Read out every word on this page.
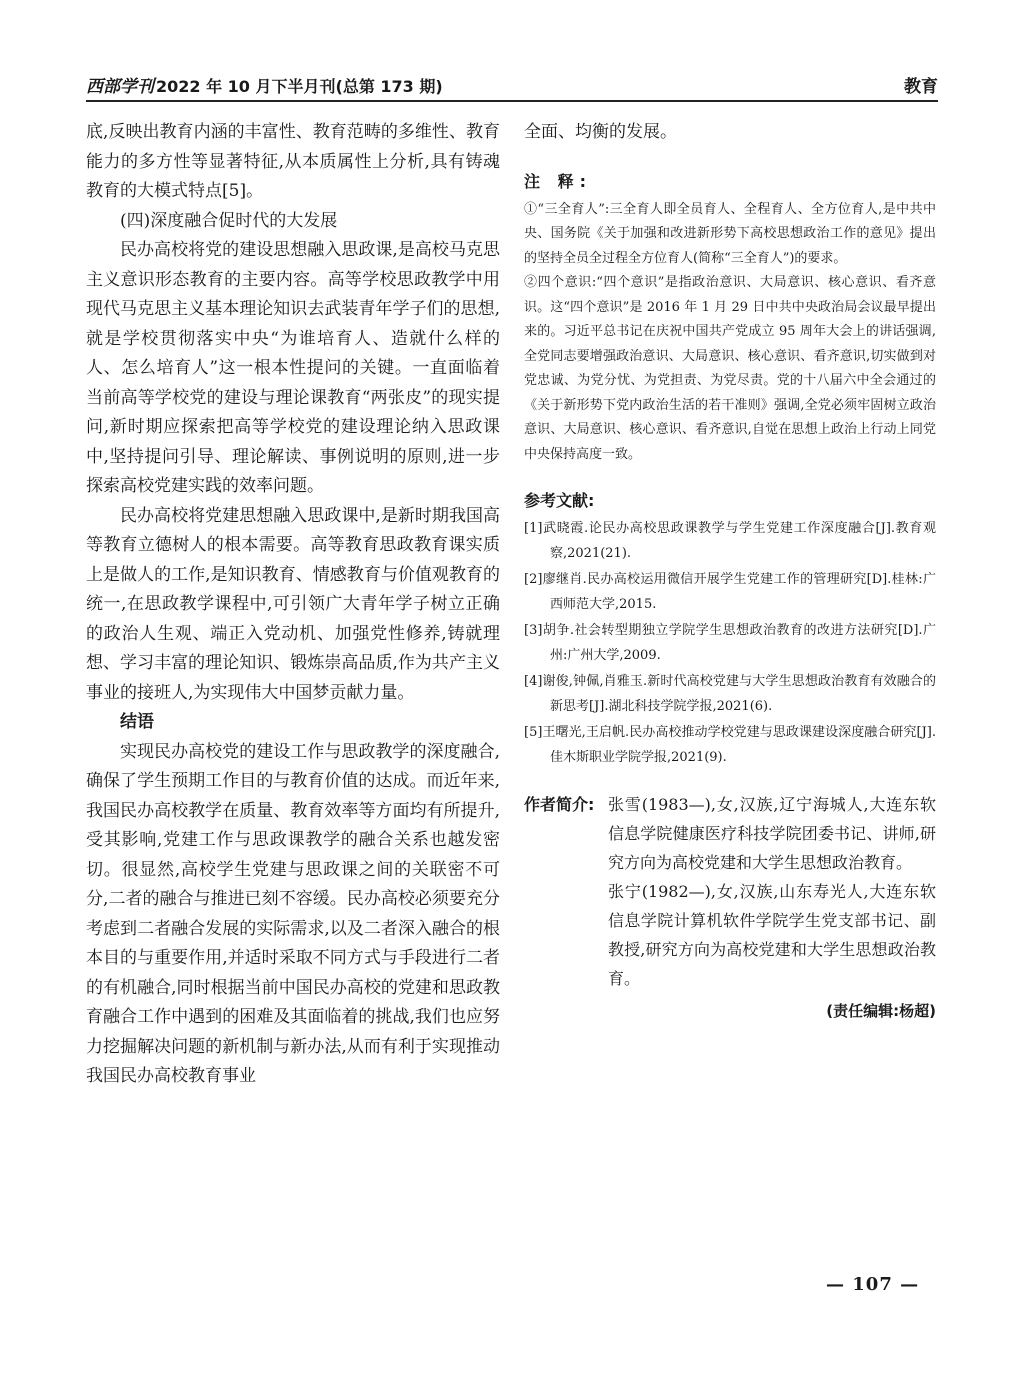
西部学刊 2022 年 10 月下半月刊(总第 173 期)	教育

底,反映出教育内涵的丰富性、教育范畴的多维性、教育能力的多方性等显著特征,从本质属性上分析,具有铸魂教育的大模式特点[5]。

(四)深度融合促时代的大发展

民办高校将党的建设思想融入思政课,是高校马克思主义意识形态教育的主要内容。高等学校思政教学中用现代马克思主义基本理论知识去武装青年学子们的思想,就是学校贯彻落实中央“为谁培育人、造就什么样的人、怎么培育人”这一根本性提问的关键。一直面临着当前高等学校党的建设与理论课教育“两张皮”的现实提问,新时期应探索把高等学校党的建设理论纳入思政课中,坚持提问引导、理论解读、事例说明的原则,进一步探索高校党建实践的效率问题。

民办高校将党建思想融入思政课中,是新时期我国高等教育立德树人的根本需要。高等教育思政教育课实质上是做人的工作,是知识教育、情感教育与价值观教育的统一,在思政教学课程中,可引领广大青年学子树立正确的政治人生观、端正入党动机、加强党性修养,铸就理想、学习丰富的理论知识、锻炼崇高品质,作为共产主义事业的接班人,为实现伟大中国梦贡献力量。

结语

实现民办高校党的建设工作与思政教学的深度融合,确保了学生预期工作目的与教育价值的达成。而近年来,我国民办高校教学在质量、教育效率等方面均有所提升,受其影响,党建工作与思政课教学的融合关系也越发密切。很显然,高校学生党建与思政课之间的关联密不可分,二者的融合与推进已刻不容缓。民办高校必须要充分考虑到二者融合发展的实际需求,以及二者深入融合的根本目的与重要作用,并适时采取不同方式与手段进行二者的有机融合,同时根据当前中国民办高校的党建和思政教育融合工作中遇到的困难及其面临着的挑战,我们也应努力挖掘解决问题的新机制与新办法,从而有利于实现推动我国民办高校教育事业

全面、均衡的发展。

注 释:

①“三全育人”:三全育人即全员育人、全程育人、全方位育人,是中共中央、国务院《关于加强和改进新形势下高校思想政治工作的意见》提出的坚持全员全过程全方位育人(简称“三全育人”)的要求。

②四个意识:“四个意识”是指政治意识、大局意识、核心意识、看齐意识。这“四个意识”是 2016 年 1 月 29 日中共中央政治局会议最早提出来的。习近平总书记在庆祝中国共产党成立 95 周年大会上的讲话强调,全党同志要增强政治意识、大局意识、核心意识、看齐意识,切实做到对党忠诚、为党分忧、为党担责、为党尽责。党的十八届六中全会通过的《关于新形势下党内政治生活的若干准则》强调,全党必须牢固树立政治意识、大局意识、核心意识、看齐意识,自觉在思想上政治上行动上同党中央保持高度一致。

参考文献:

[1]武晓霞.论民办高校思政课教学与学生党建工作深度融合[J].教育观察,2021(21).

[2]廖继肖.民办高校运用微信开展学生党建工作的管理研究[D].桂林:广西师范大学,2015.

[3]胡争.社会转型期独立学院学生思想政治教育的改进方法研究[D].广州:广州大学,2009.

[4]谢俊,钟佩,肖雅玉.新时代高校党建与大学生思想政治教育有效融合的新思考[J].湖北科技学院学报,2021(6).

[5]王曙光,王启帆.民办高校推动学校党建与思政课建设深度融合研究[J].佳木斯职业学院学报,2021(9).

作者简介: 张雪(1983—),女,汉族,辽宁海城人,大连东软信息学院健康医疗科技学院团委书记、讲师,研究方向为高校党建和大学生思想政治教育。

张宁(1982—),女,汉族,山东寿光人,大连东软信息学院计算机软件学院学生党支部书记、副教授,研究方向为高校党建和大学生思想政治教育。

(责任编辑:杨超)
— 107 —
